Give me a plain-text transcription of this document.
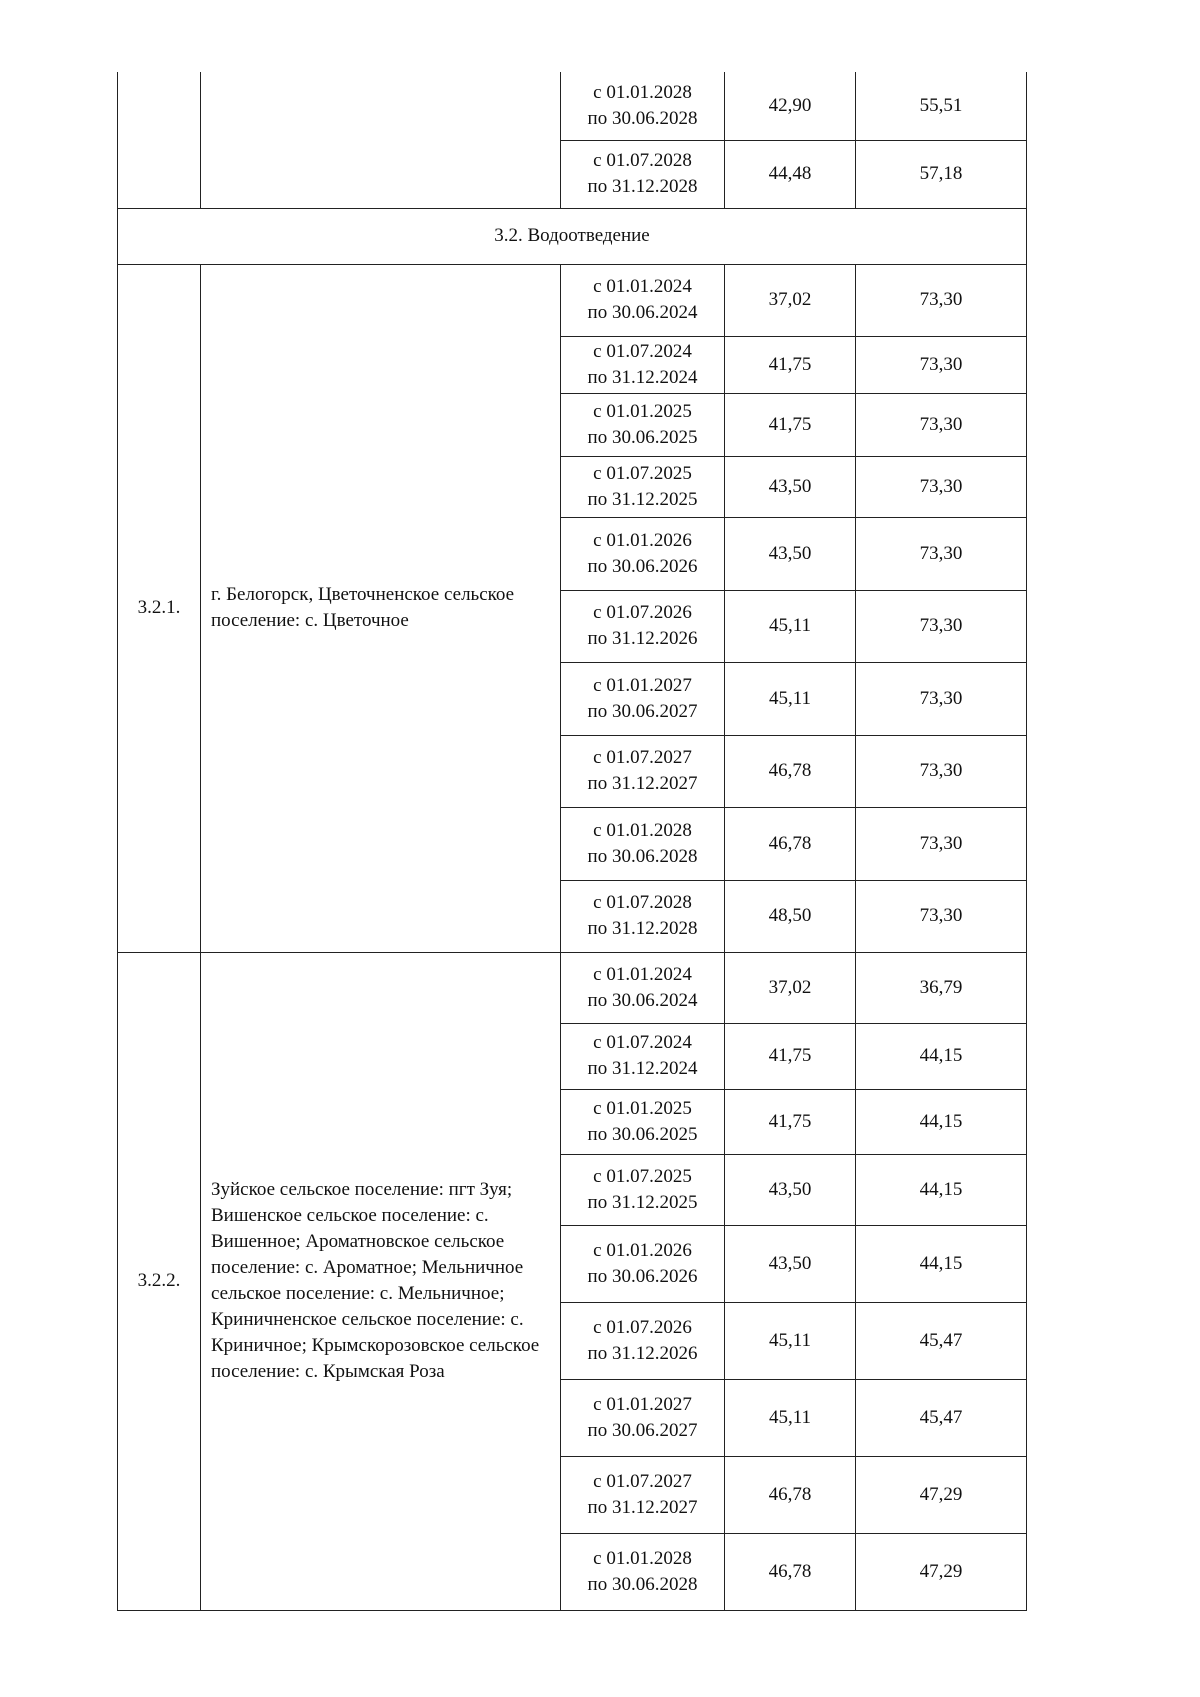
		с 01.01.2028
по 30.06.2028	42,90	55,51

		с 01.07.2028
по 31.12.2028	44,48	57,18
3.2. Водоотведение				
3.2.1.	г. Белогорск, Цветочненское сельское поселение: с. Цветочное	с 01.01.2024
по 30.06.2024	37,02	73,30

		с 01.07.2024
по 31.12.2024	41,75	73,30

		с 01.01.2025
по 30.06.2025	41,75	73,30

		с 01.07.2025
по 31.12.2025	43,50	73,30

		с 01.01.2026
по 30.06.2026	43,50	73,30

		с 01.07.2026
по 31.12.2026	45,11	73,30

		с 01.01.2027
по 30.06.2027	45,11	73,30

		с 01.07.2027
по 31.12.2027	46,78	73,30

		с 01.01.2028
по 30.06.2028	46,78	73,30

		с 01.07.2028
по 31.12.2028	48,50	73,30
3.2.2.	Зуйское сельское поселение: пгт Зуя; Вишенское сельское поселение: с. Вишенное; Ароматновское сельское поселение: с. Ароматное; Мельничное сельское поселение: с. Мельничное; Криничненское сельское поселение: с. Криничное; Крымскорозовское сельское поселение: с. Крымская Роза	с 01.01.2024
по 30.06.2024	37,02	36,79

		с 01.07.2024
по 31.12.2024	41,75	44,15

		с 01.01.2025
по 30.06.2025	41,75	44,15

		с 01.07.2025
по 31.12.2025	43,50	44,15

		с 01.01.2026
по 30.06.2026	43,50	44,15

		с 01.07.2026
по 31.12.2026	45,11	45,47

		с 01.01.2027
по 30.06.2027	45,11	45,47

		с 01.07.2027
по 31.12.2027	46,78	47,29

		с 01.01.2028
по 30.06.2028	46,78	47,29
